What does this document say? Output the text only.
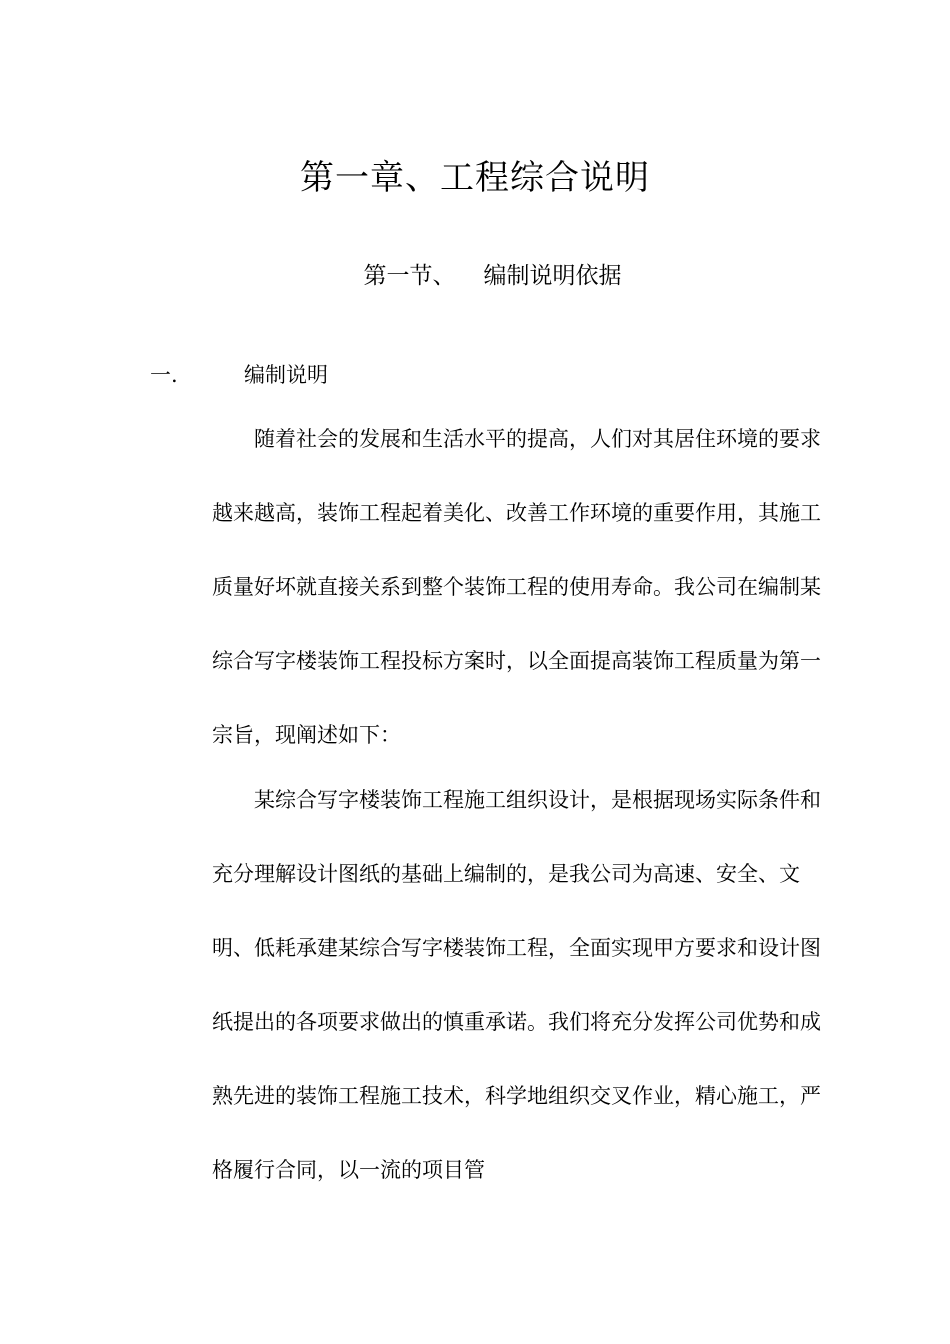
第一章、工程综合说明
第一节、 编制说明依据
一.	编制说明

随着社会的发展和生活水平的提高，人们对其居住环境的要求越来越高，装饰工程起着美化、改善工作环境的重要作用，其施工质量好坏就直接关系到整个装饰工程的使用寿命。我公司在编制某综合写字楼装饰工程投标方案时，以全面提高装饰工程质量为第一宗旨，现阐述如下：

某综合写字楼装饰工程施工组织设计，是根据现场实际条件和充分理解设计图纸的基础上编制的，是我公司为高速、安全、文明、低耗承建某综合写字楼装饰工程，全面实现甲方要求和设计图纸提出的各项要求做出的慎重承诺。我们将充分发挥公司优势和成熟先进的装饰工程施工技术，科学地组织交叉作业，精心施工，严格履行合同，以一流的项目管
